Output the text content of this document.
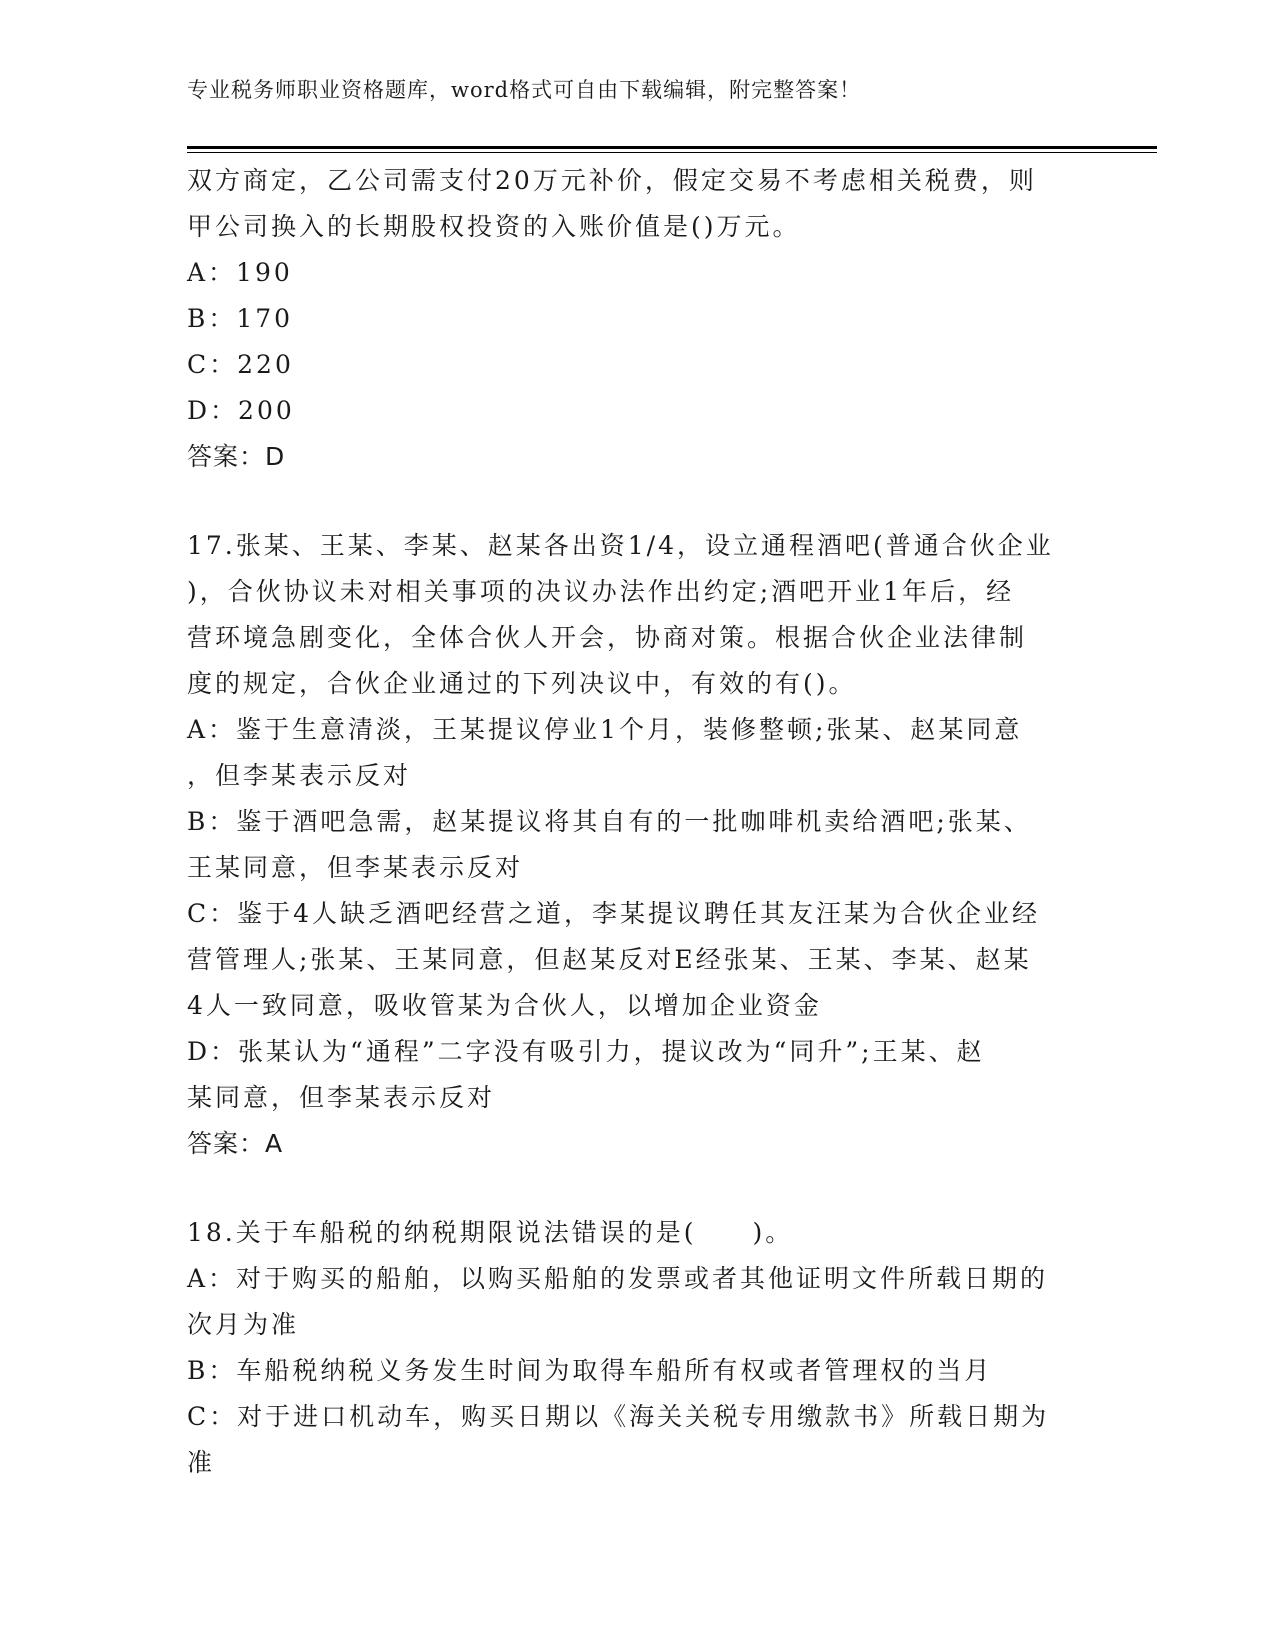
专业税务师职业资格题库，word格式可自由下载编辑，附完整答案！
双方商定，乙公司需支付20万元补价，假定交易不考虑相关税费，则
甲公司换入的长期股权投资的入账价值是()万元。
A：190
B：170
C：220
D：200
答案：D
17.张某、王某、李某、赵某各出资1/4，设立通程酒吧(普通合伙企业
)，合伙协议未对相关事项的决议办法作出约定;酒吧开业1年后，经
营环境急剧变化，全体合伙人开会，协商对策。根据合伙企业法律制
度的规定，合伙企业通过的下列决议中，有效的有()。
A：鉴于生意清淡，王某提议停业1个月，装修整顿;张某、赵某同意
，但李某表示反对
B：鉴于酒吧急需，赵某提议将其自有的一批咖啡机卖给酒吧;张某、
王某同意，但李某表示反对
C：鉴于4人缺乏酒吧经营之道，李某提议聘任其友汪某为合伙企业经
营管理人;张某、王某同意，但赵某反对E经张某、王某、李某、赵某
4人一致同意，吸收管某为合伙人，以增加企业资金
D：张某认为“通程”二字没有吸引力，提议改为“同升”;王某、赵
某同意，但李某表示反对
答案：A
18.关于车船税的纳税期限说法错误的是(　　)。
A：对于购买的船舶，以购买船舶的发票或者其他证明文件所载日期的
次月为准
B：车船税纳税义务发生时间为取得车船所有权或者管理权的当月
C：对于进口机动车，购买日期以《海关关税专用缴款书》所载日期为
准
